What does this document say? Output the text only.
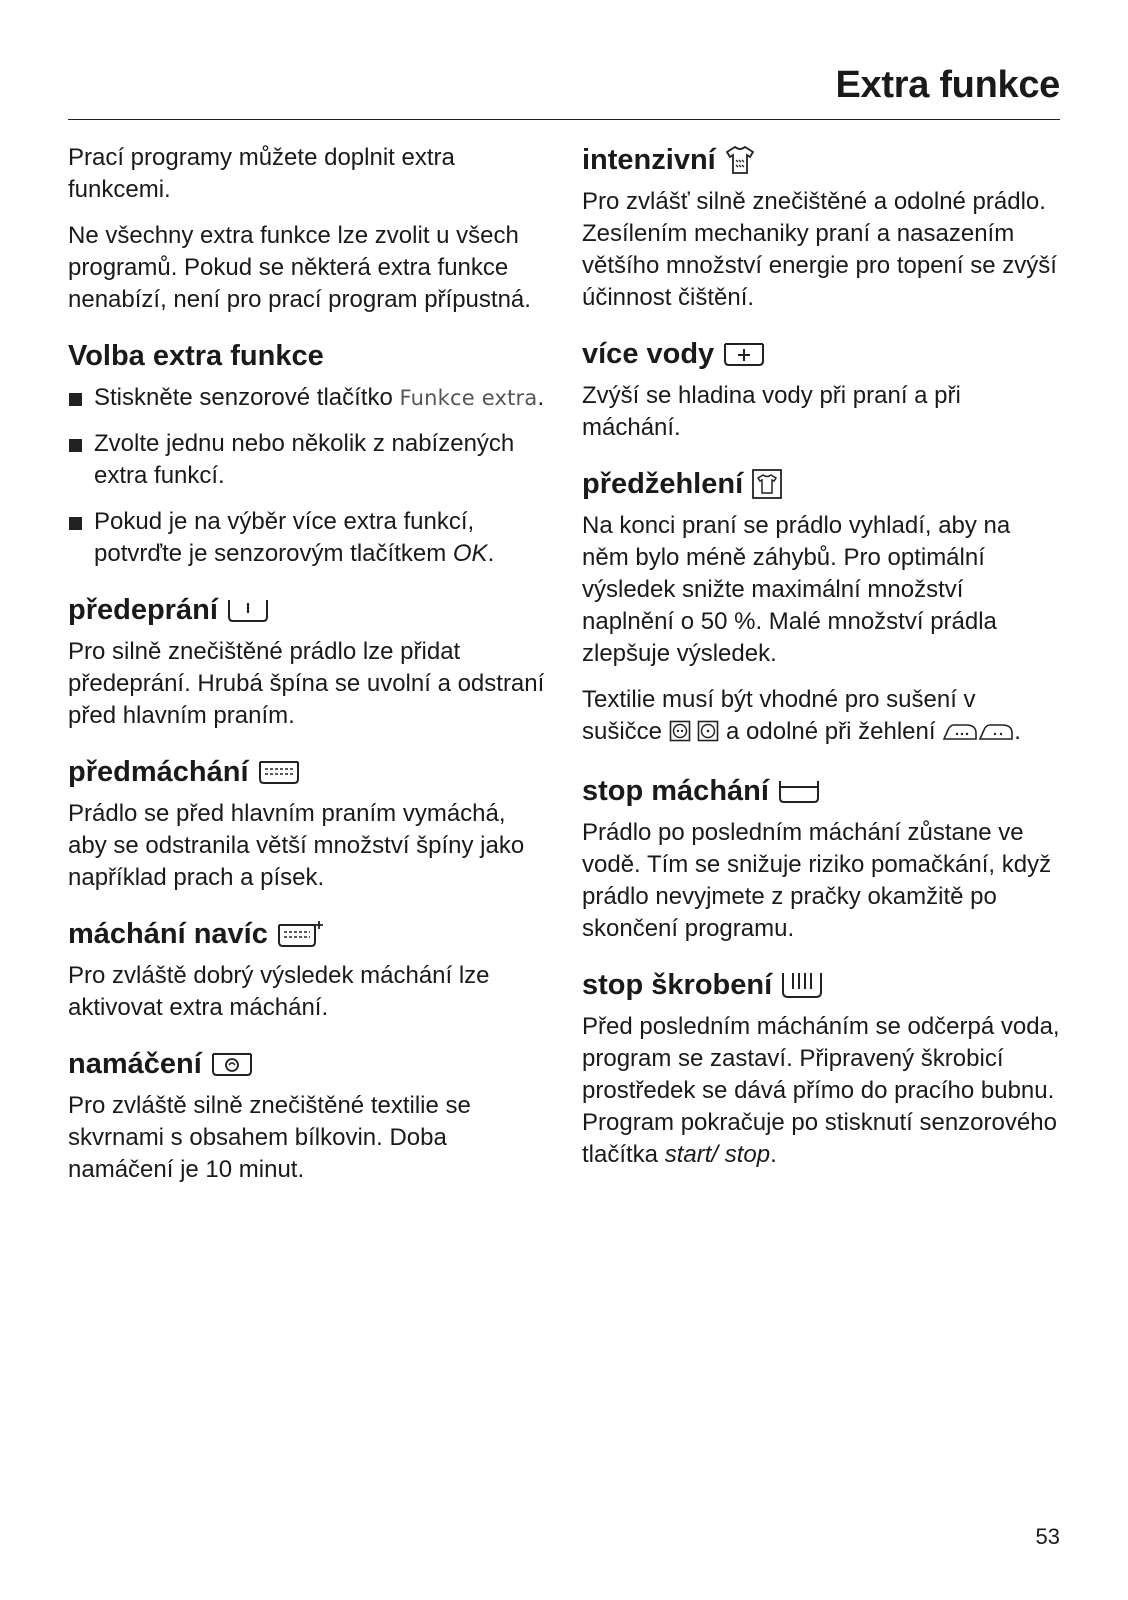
Extra funkce

Prací programy můžete doplnit extra funkcemi.

Ne všechny extra funkce lze zvolit u všech programů. Pokud se některá extra funkce nenabízí, není pro prací program přípustná.

Volba extra funkce
Stiskněte senzorové tlačítko Funkce extra.
Zvolte jednu nebo několik z nabízených extra funkcí.
Pokud je na výběr více extra funkcí, potvrďte je senzorovým tlačítkem OK.
předeprání

Pro silně znečištěné prádlo lze přidat předeprání. Hrubá špína se uvolní a odstraní před hlavním praním.

předmáchání

Prádlo se před hlavním praním vymáchá, aby se odstranila větší množství špíny jako například prach a písek.

máchání navíc

Pro zvláště dobrý výsledek máchání lze aktivovat extra máchání.

namáčení

Pro zvláště silně znečištěné textilie se skvrnami s obsahem bílkovin. Doba namáčení je 10 minut.

intenzivní

Pro zvlášť silně znečištěné a odolné prádlo. Zesílením mechaniky praní a nasazením většího množství energie pro topení se zvýší účinnost čištění.

více vody

Zvýší se hladina vody při praní a při máchání.

předžehlení

Na konci praní se prádlo vyhladí, aby na něm bylo méně záhybů. Pro optimální výsledek snižte maximální množství naplnění o 50 %. Malé množství prádla zlepšuje výsledek.

Textilie musí být vhodné pro sušení v sušičce   a odolné při žehlení	.

stop máchání

Prádlo po posledním máchání zůstane ve vodě. Tím se snižuje riziko pomačkání, když prádlo nevyjmete z pračky okamžitě po skončení programu.

stop škrobení

Před posledním mácháním se odčerpá voda, program se zastaví. Připravený škrobicí prostředek se dává přímo do pracího bubnu. Program pokračuje po stisknutí senzorového tlačítka start/ stop.

53
